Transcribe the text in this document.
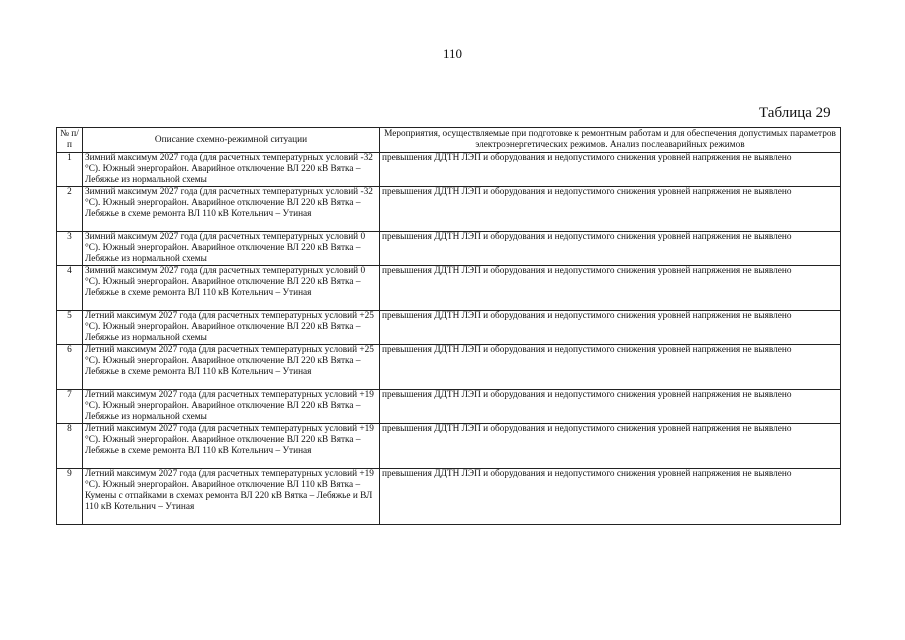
110
Таблица 29
№ п/п	Описание схемно-режимной ситуации	Мероприятия, осуществляемые при подготовке к ремонтным работам и для обеспечения допустимых параметров электроэнергетических режимов. Анализ послеаварийных режимов
1	Зимний максимум 2027 года (для расчетных температурных условий -32 °С). Южный энергорайон. Аварийное отключение ВЛ 220 кВ Вятка – Лебяжье из нормальной схемы	превышения ДДТН ЛЭП и оборудования и недопустимого снижения уровней напряжения не выявлено
2	Зимний максимум 2027 года (для расчетных температурных условий -32 °С). Южный энергорайон. Аварийное отключение ВЛ 220 кВ Вятка – Лебяжье в схеме ремонта ВЛ 110 кВ Котельнич – Утиная	превышения ДДТН ЛЭП и оборудования и недопустимого снижения уровней напряжения не выявлено
3	Зимний максимум 2027 года (для расчетных температурных условий 0 °С). Южный энергорайон. Аварийное отключение ВЛ 220 кВ Вятка – Лебяжье из нормальной схемы	превышения ДДТН ЛЭП и оборудования и недопустимого снижения уровней напряжения не выявлено
4	Зимний максимум 2027 года (для расчетных температурных условий 0 °С). Южный энергорайон. Аварийное отключение ВЛ 220 кВ Вятка – Лебяжье в схеме ремонта ВЛ 110 кВ Котельнич – Утиная	превышения ДДТН ЛЭП и оборудования и недопустимого снижения уровней напряжения не выявлено
5	Летний максимум 2027 года (для расчетных температурных условий +25 °С). Южный энергорайон. Аварийное отключение ВЛ 220 кВ Вятка – Лебяжье из нормальной схемы	превышения ДДТН ЛЭП и оборудования и недопустимого снижения уровней напряжения не выявлено
6	Летний максимум 2027 года (для расчетных температурных условий +25 °С). Южный энергорайон. Аварийное отключение ВЛ 220 кВ Вятка – Лебяжье в схеме ремонта ВЛ 110 кВ Котельнич – Утиная	превышения ДДТН ЛЭП и оборудования и недопустимого снижения уровней напряжения не выявлено
7	Летний максимум 2027 года (для расчетных температурных условий +19 °С). Южный энергорайон. Аварийное отключение ВЛ 220 кВ Вятка – Лебяжье из нормальной схемы	превышения ДДТН ЛЭП и оборудования и недопустимого снижения уровней напряжения не выявлено
8	Летний максимум 2027 года (для расчетных температурных условий +19 °С). Южный энергорайон. Аварийное отключение ВЛ 220 кВ Вятка – Лебяжье в схеме ремонта ВЛ 110 кВ Котельнич – Утиная	превышения ДДТН ЛЭП и оборудования и недопустимого снижения уровней напряжения не выявлено
9	Летний максимум 2027 года (для расчетных температурных условий +19 °С). Южный энергорайон. Аварийное отключение ВЛ 110 кВ Вятка – Кумены с отпайками в схемах ремонта ВЛ 220 кВ Вятка – Лебяжье и ВЛ 110 кВ Котельнич – Утиная	превышения ДДТН ЛЭП и оборудования и недопустимого снижения уровней напряжения не выявлено
